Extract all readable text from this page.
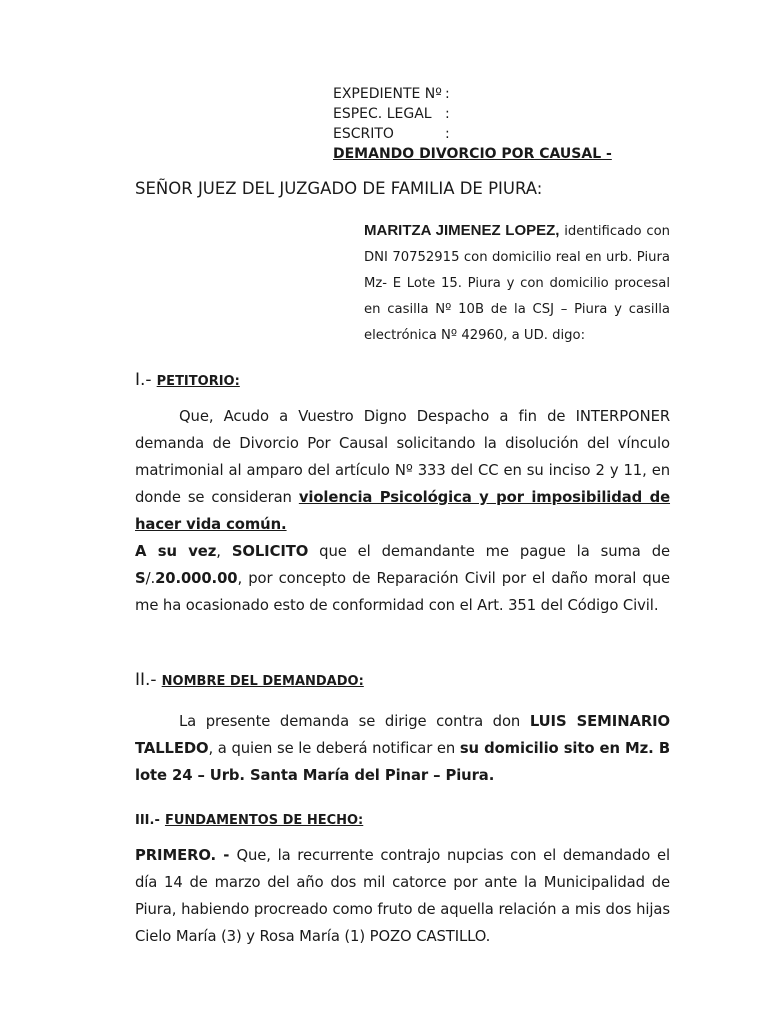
EXPEDIENTE Nº :
ESPEC. LEGAL :
ESCRITO	:
DEMANDO DIVORCIO POR CAUSAL -
SEÑOR JUEZ DEL JUZGADO DE FAMILIA DE PIURA:
MARITZA JIMENEZ LOPEZ, identificado con DNI 70752915 con domicilio real en urb. Piura Mz- E Lote 15. Piura y con domicilio procesal en casilla Nº 10B de la CSJ – Piura y casilla electrónica Nº 42960, a UD. digo:
I.- PETITORIO:
Que, Acudo a Vuestro Digno Despacho a fin de INTERPONER demanda de Divorcio Por Causal solicitando la disolución del vínculo matrimonial al amparo del artículo Nº 333 del CC en su inciso 2 y 11, en donde se consideran violencia Psicológica y por imposibilidad de hacer vida común.
A su vez, SOLICITO que el demandante me pague la suma de S/.20.000.00, por concepto de Reparación Civil por el daño moral que me ha ocasionado esto de conformidad con el Art. 351 del Código Civil.
II.- NOMBRE DEL DEMANDADO:
La presente demanda se dirige contra don LUIS SEMINARIO TALLEDO, a quien se le deberá notificar en su domicilio sito en Mz. B lote 24 – Urb. Santa María del Pinar – Piura.
III.- FUNDAMENTOS DE HECHO:
PRIMERO. - Que, la recurrente contrajo nupcias con el demandado el día 14 de marzo del año dos mil catorce por ante la Municipalidad de Piura, habiendo procreado como fruto de aquella relación a mis dos hijas Cielo María (3) y Rosa María (1) POZO CASTILLO.
